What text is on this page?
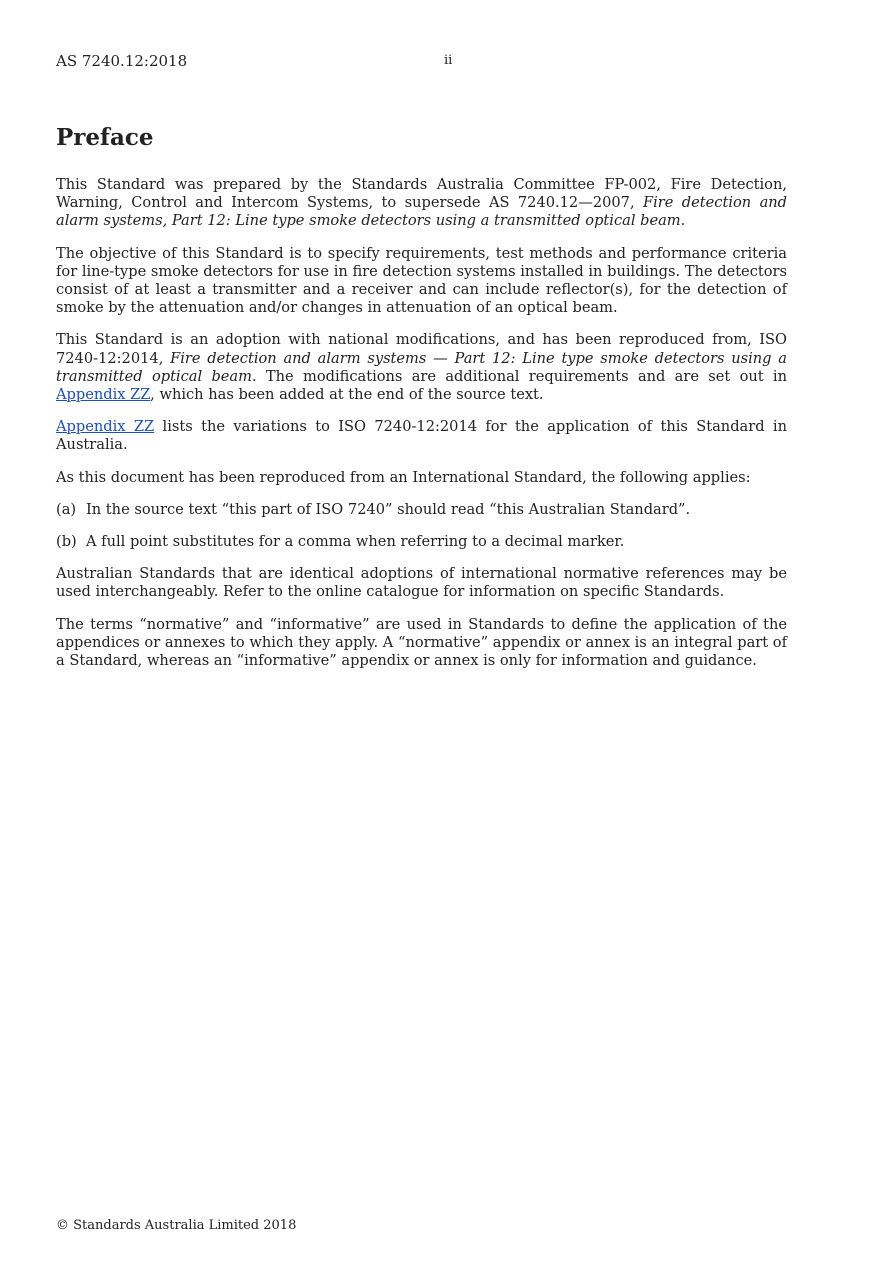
AS 7240.12:2018	ii
Preface

This Standard was prepared by the Standards Australia Committee FP-002, Fire Detection, Warning, Control and Intercom Systems, to supersede AS 7240.12—2007, Fire detection and alarm systems, Part 12: Line type smoke detectors using a transmitted optical beam.

The objective of this Standard is to specify requirements, test methods and performance criteria for line-type smoke detectors for use in fire detection systems installed in buildings. The detectors consist of at least a transmitter and a receiver and can include reflector(s), for the detection of smoke by the attenuation and/or changes in attenuation of an optical beam.

This Standard is an adoption with national modifications, and has been reproduced from, ISO 7240-12:2014, Fire detection and alarm systems — Part 12: Line type smoke detectors using a transmitted optical beam. The modifications are additional requirements and are set out in Appendix ZZ, which has been added at the end of the source text.

Appendix ZZ lists the variations to ISO 7240-12:2014 for the application of this Standard in Australia.

As this document has been reproduced from an International Standard, the following applies:

(a) In the source text “this part of ISO 7240” should read “this Australian Standard”.
(b) A full point substitutes for a comma when referring to a decimal marker.

Australian Standards that are identical adoptions of international normative references may be used interchangeably. Refer to the online catalogue for information on specific Standards.

The terms “normative” and “informative” are used in Standards to define the application of the appendices or annexes to which they apply. A “normative” appendix or annex is an integral part of a Standard, whereas an “informative” appendix or annex is only for information and guidance.

© Standards Australia Limited 2018
